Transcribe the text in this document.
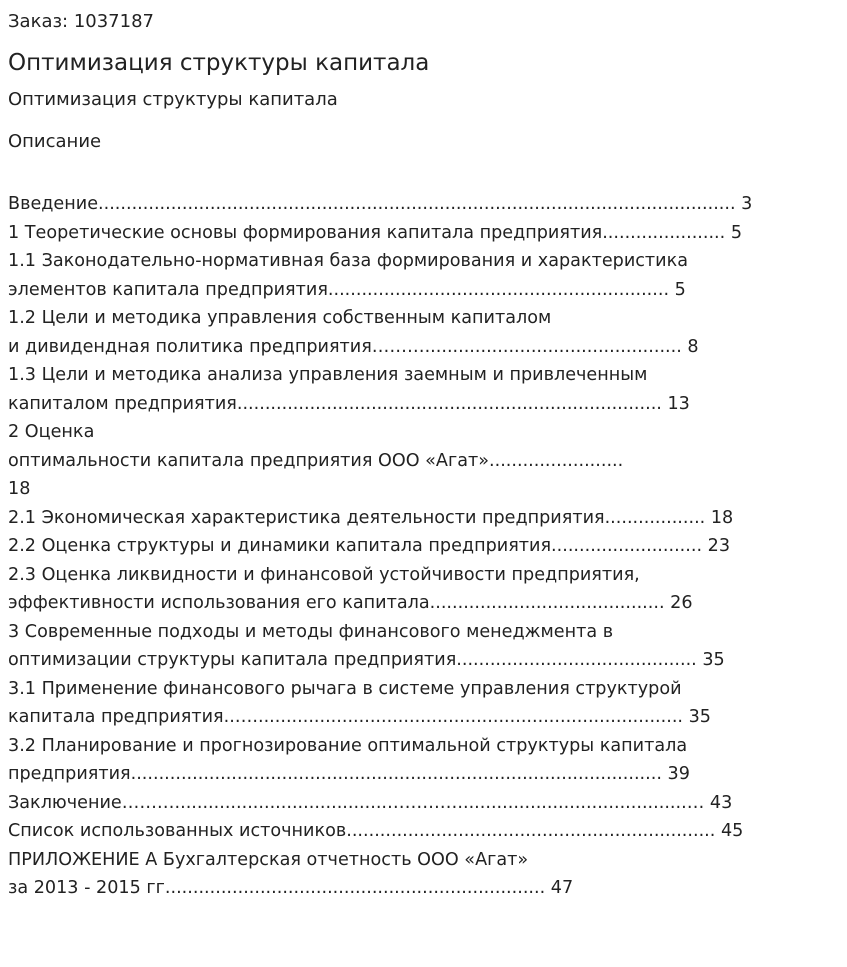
Заказ: 1037187
Оптимизация структуры капитала
Оптимизация структуры капитала
Описание
Введение.................................................................................................................. 3
1 Теоретические основы формирования капитала предприятия...................... 5
1.1 Законодательно-нормативная база формирования и характеристика
элементов капитала предприятия............................................................. 5
1.2 Цели и методика управления собственным капиталом
и дивидендная политика предприятия……….............................................. 8
1.3 Цели и методика анализа управления заемным и привлеченным
капиталом предприятия............................................................................ 13
2 Оценка
оптимальности капитала предприятия ООО «Агат»........................
18
2.1 Экономическая характеристика деятельности предприятия.................. 18
2.2 Оценка структуры и динамики капитала предприятия........................... 23
2.3 Оценка ликвидности и финансовой устойчивости предприятия,
эффективности использования его капитала.......................................... 26
3 Современные подходы и методы финансового менеджмента в
оптимизации структуры капитала предприятия........................................... 35
3.1 Применение финансового рычага в системе управления структурой
капитала предприятия..…............................................................................. 35
3.2 Планирование и прогнозирование оптимальной структуры капитала
предприятия............................................................................................... 39
Заключение………......................................………….........................................… 43
Список использованных источников.................................................................. 45
ПРИЛОЖЕНИЕ А Бухгалтерская отчетность ООО «Агат»
за 2013 - 2015 гг.................................................................... 47
